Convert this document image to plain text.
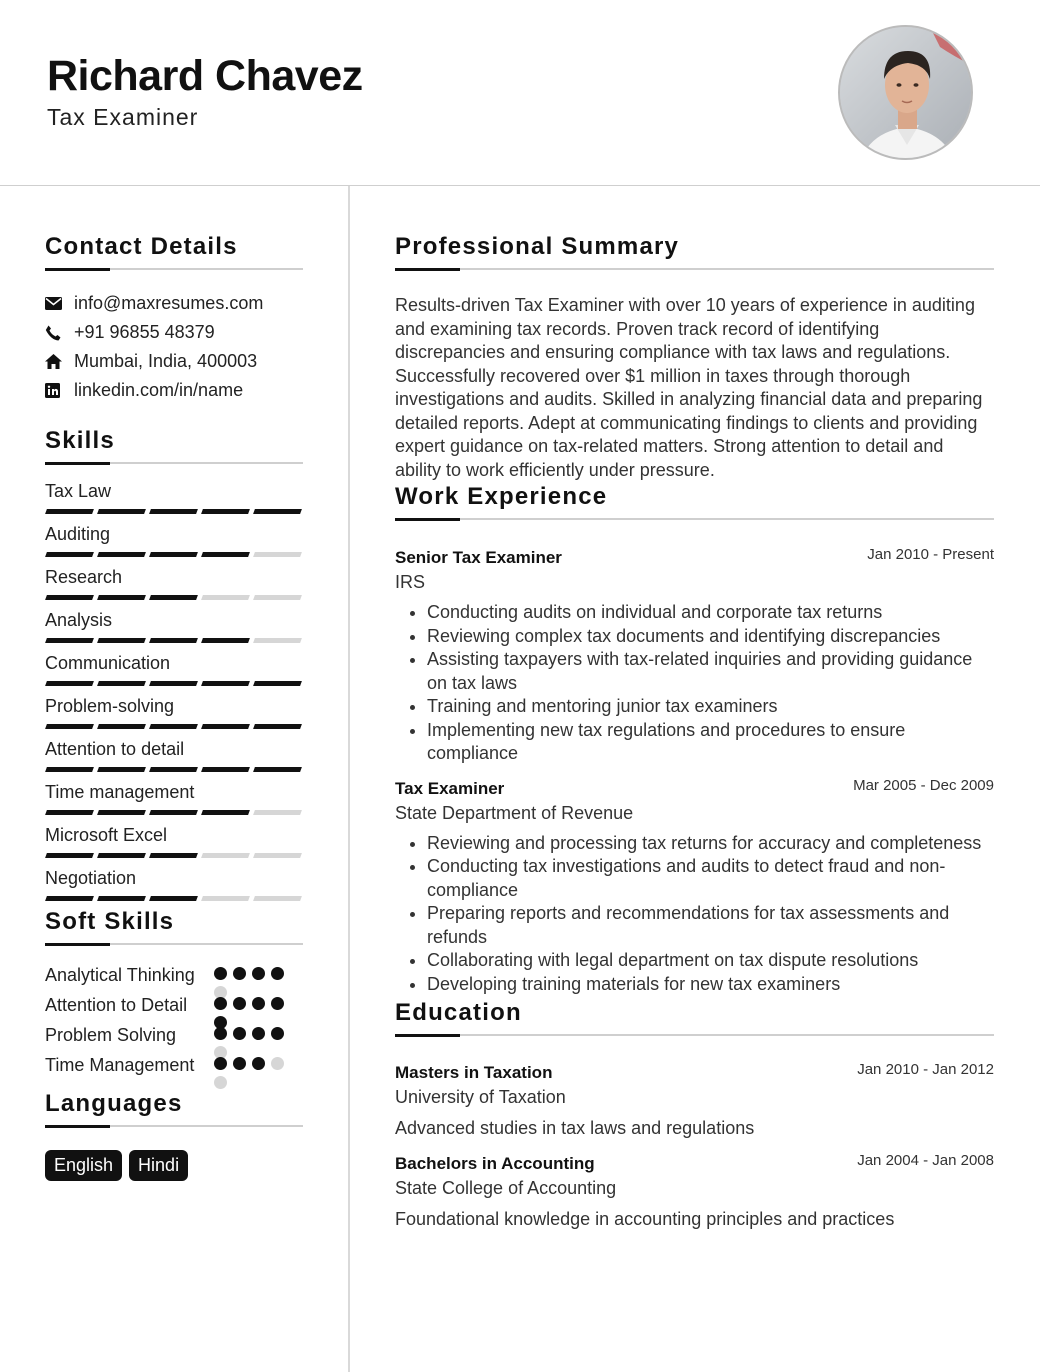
Richard Chavez
Tax Examiner
Contact Details
info@maxresumes.com
+91 96855 48379
Mumbai, India, 400003
linkedin.com/in/name
Skills
Tax Law
Auditing
Research
Analysis
Communication
Problem-solving
Attention to detail
Time management
Microsoft Excel
Negotiation
Soft Skills
Analytical Thinking
Attention to Detail
Problem Solving
Time Management
Languages
English	Hindi
Professional Summary

Results-driven Tax Examiner with over 10 years of experience in auditing and examining tax records. Proven track record of identifying discrepancies and ensuring compliance with tax laws and regulations. Successfully recovered over $1 million in taxes through thorough investigations and audits. Skilled in analyzing financial data and preparing detailed reports. Adept at communicating findings to clients and providing expert guidance on tax-related matters. Strong attention to detail and ability to work efficiently under pressure.

Work Experience
Senior Tax Examiner	Jan 2010 - Present
IRS
Conducting audits on individual and corporate tax returns
Reviewing complex tax documents and identifying discrepancies
Assisting taxpayers with tax-related inquiries and providing guidance on tax laws
Training and mentoring junior tax examiners
Implementing new tax regulations and procedures to ensure compliance
Tax Examiner	Mar 2005 - Dec 2009
State Department of Revenue
Reviewing and processing tax returns for accuracy and completeness
Conducting tax investigations and audits to detect fraud and non-compliance
Preparing reports and recommendations for tax assessments and refunds
Collaborating with legal department on tax dispute resolutions
Developing training materials for new tax examiners
Education
Masters in Taxation	Jan 2010 - Jan 2012
University of Taxation
Advanced studies in tax laws and regulations
Bachelors in Accounting	Jan 2004 - Jan 2008
State College of Accounting
Foundational knowledge in accounting principles and practices
